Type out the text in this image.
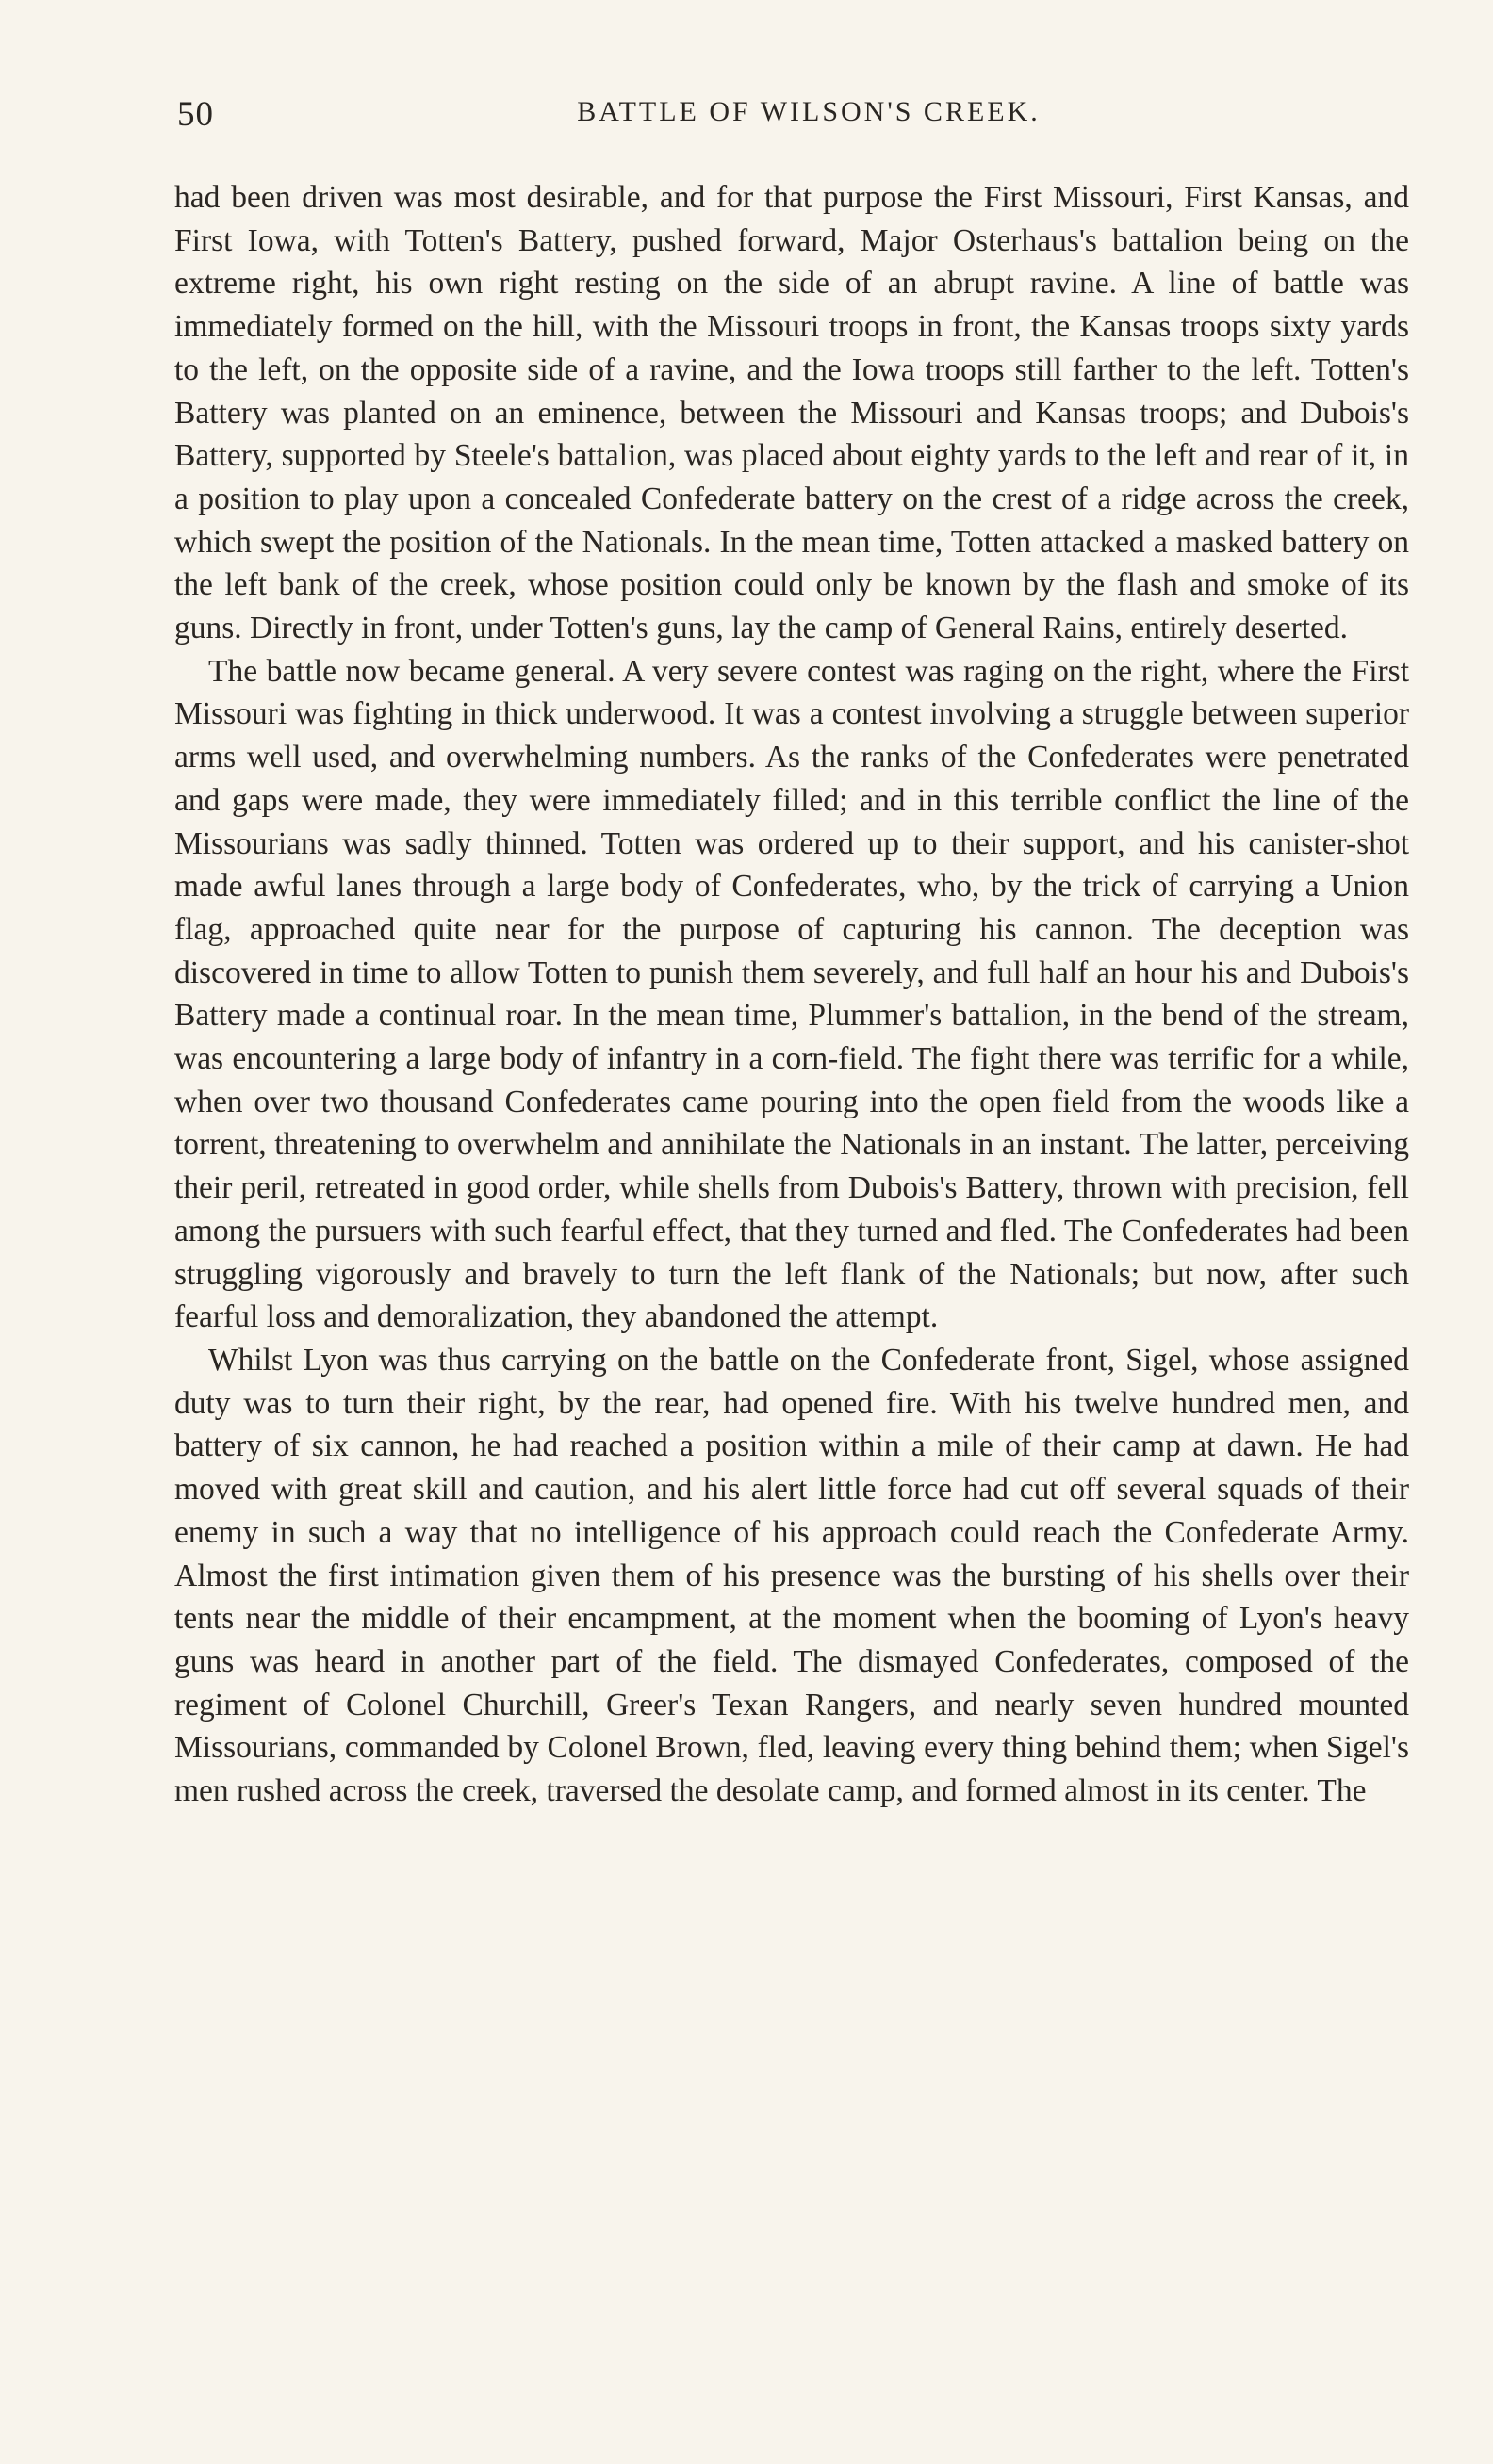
50	BATTLE OF WILSON'S CREEK.

had been driven was most desirable, and for that purpose the First Missouri, First Kansas, and First Iowa, with Totten's Battery, pushed forward, Major Osterhaus's battalion being on the extreme right, his own right resting on the side of an abrupt ravine. A line of battle was immediately formed on the hill, with the Missouri troops in front, the Kansas troops sixty yards to the left, on the opposite side of a ravine, and the Iowa troops still farther to the left. Totten's Battery was planted on an eminence, between the Missouri and Kansas troops; and Dubois's Battery, supported by Steele's battalion, was placed about eighty yards to the left and rear of it, in a position to play upon a concealed Confederate battery on the crest of a ridge across the creek, which swept the position of the Nationals. In the mean time, Totten attacked a masked battery on the left bank of the creek, whose position could only be known by the flash and smoke of its guns. Directly in front, under Totten's guns, lay the camp of General Rains, entirely deserted.

The battle now became general. A very severe contest was raging on the right, where the First Missouri was fighting in thick underwood. It was a contest involving a struggle between superior arms well used, and overwhelming numbers. As the ranks of the Confederates were penetrated and gaps were made, they were immediately filled; and in this terrible conflict the line of the Missourians was sadly thinned. Totten was ordered up to their support, and his canister-shot made awful lanes through a large body of Confederates, who, by the trick of carrying a Union flag, approached quite near for the purpose of capturing his cannon. The deception was discovered in time to allow Totten to punish them severely, and full half an hour his and Dubois's Battery made a continual roar. In the mean time, Plummer's battalion, in the bend of the stream, was encountering a large body of infantry in a corn-field. The fight there was terrific for a while, when over two thousand Confederates came pouring into the open field from the woods like a torrent, threatening to overwhelm and annihilate the Nationals in an instant. The latter, perceiving their peril, retreated in good order, while shells from Dubois's Battery, thrown with precision, fell among the pursuers with such fearful effect, that they turned and fled. The Confederates had been struggling vigorously and bravely to turn the left flank of the Nationals; but now, after such fearful loss and demoralization, they abandoned the attempt.

Whilst Lyon was thus carrying on the battle on the Confederate front, Sigel, whose assigned duty was to turn their right, by the rear, had opened fire. With his twelve hundred men, and battery of six cannon, he had reached a position within a mile of their camp at dawn. He had moved with great skill and caution, and his alert little force had cut off several squads of their enemy in such a way that no intelligence of his approach could reach the Confederate Army. Almost the first intimation given them of his presence was the bursting of his shells over their tents near the middle of their encampment, at the moment when the booming of Lyon's heavy guns was heard in another part of the field. The dismayed Confederates, composed of the regiment of Colonel Churchill, Greer's Texan Rangers, and nearly seven hundred mounted Missourians, commanded by Colonel Brown, fled, leaving every thing behind them; when Sigel's men rushed across the creek, traversed the desolate camp, and formed almost in its center. The
